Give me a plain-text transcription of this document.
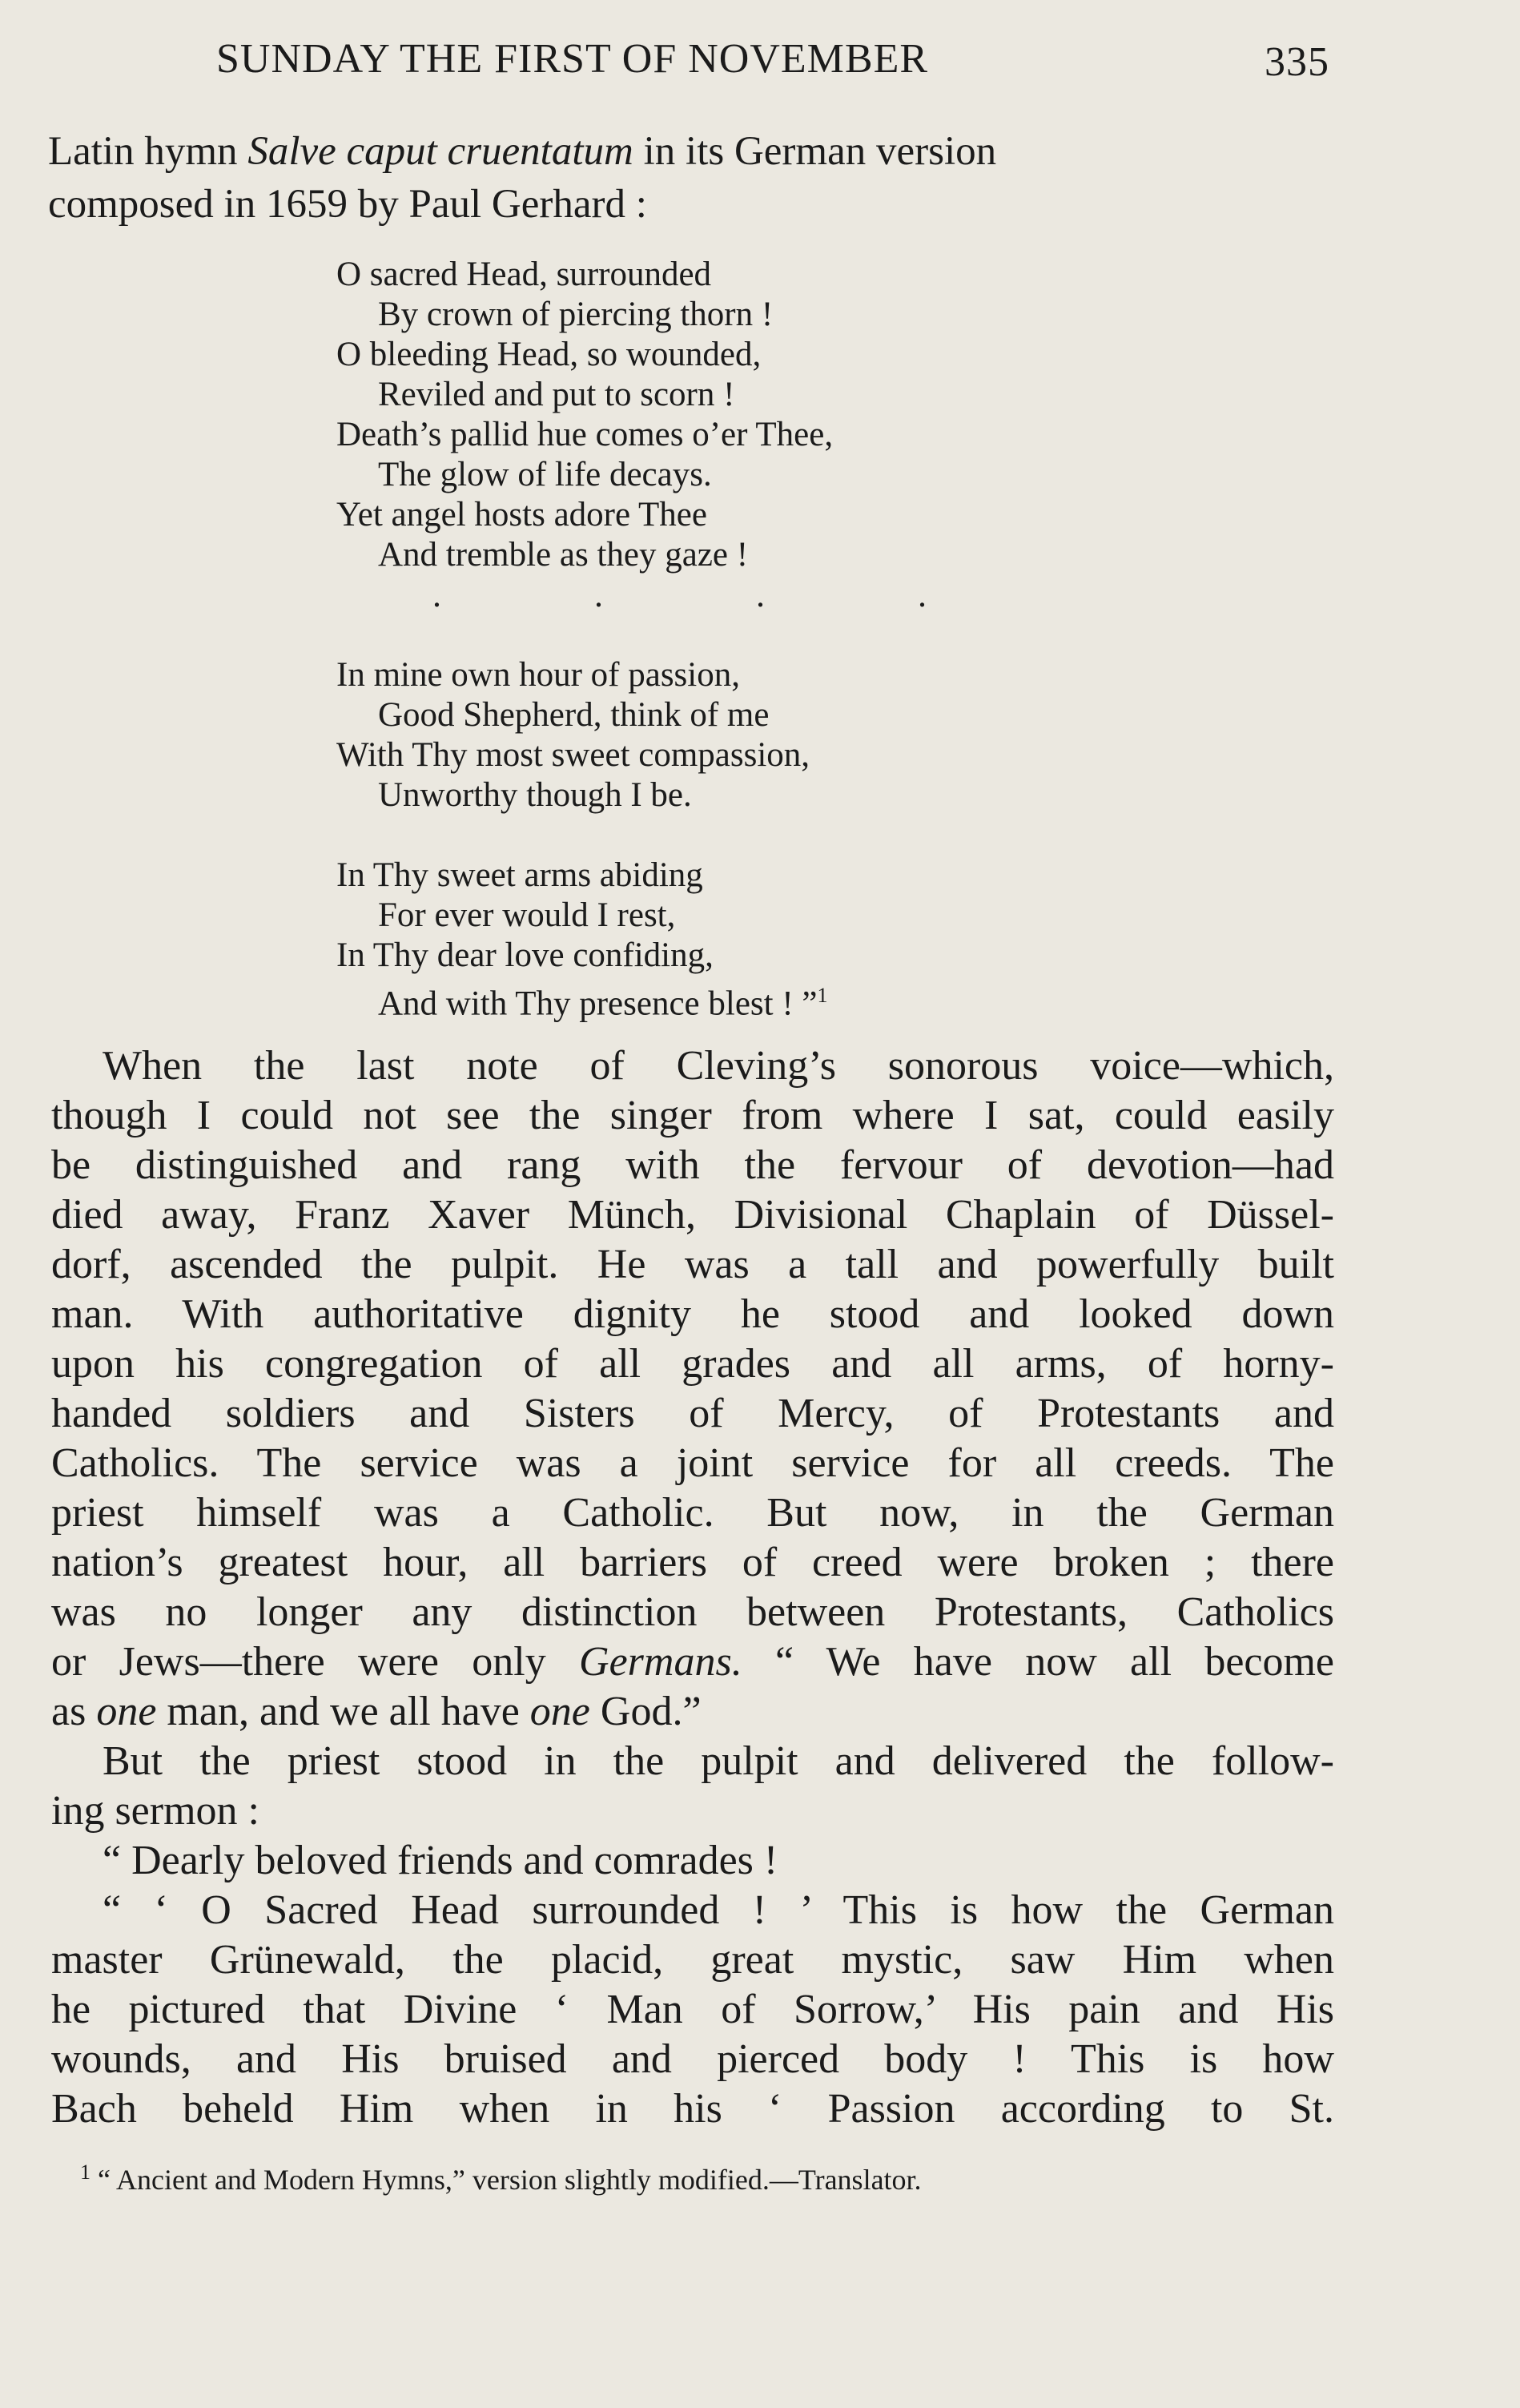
SUNDAY THE FIRST OF NOVEMBER	335
Latin hymn Salve caput cruentatum in its German version
composed in 1659 by Paul Gerhard :
O sacred Head, surrounded
By crown of piercing thorn !
O bleeding Head, so wounded,
Reviled and put to scorn !
Death’s pallid hue comes o’er Thee,
The glow of life decays.
Yet angel hosts adore Thee
And tremble as they gaze !
. . . .
In mine own hour of passion,
Good Shepherd, think of me
With Thy most sweet compassion,
Unworthy though I be.
In Thy sweet arms abiding
For ever would I rest,
In Thy dear love confiding,
And with Thy presence blest ! ”$^1$
When the last note of Cleving’s sonorous voice—which,
though I could not see the singer from where I sat, could easily
be distinguished and rang with the fervour of devotion—had
died away, Franz Xaver Münch, Divisional Chaplain of Düssel-
dorf, ascended the pulpit. He was a tall and powerfully built
man. With authoritative dignity he stood and looked down
upon his congregation of all grades and all arms, of horny-
handed soldiers and Sisters of Mercy, of Protestants and
Catholics. The service was a joint service for all creeds. The
priest himself was a Catholic. But now, in the German
nation’s greatest hour, all barriers of creed were broken ; there
was no longer any distinction between Protestants, Catholics
or Jews—there were only Germans. “ We have now all become
as one man, and we all have one God.”
But the priest stood in the pulpit and delivered the follow-
ing sermon :
“ Dearly beloved friends and comrades !
“ ‘ O Sacred Head surrounded ! ’ This is how the German
master Grünewald, the placid, great mystic, saw Him when
he pictured that Divine ‘ Man of Sorrow,’ His pain and His
wounds, and His bruised and pierced body ! This is how
Bach beheld Him when in his ‘ Passion according to St.
$^1$ “ Ancient and Modern Hymns,” version slightly modified.—Translator.
